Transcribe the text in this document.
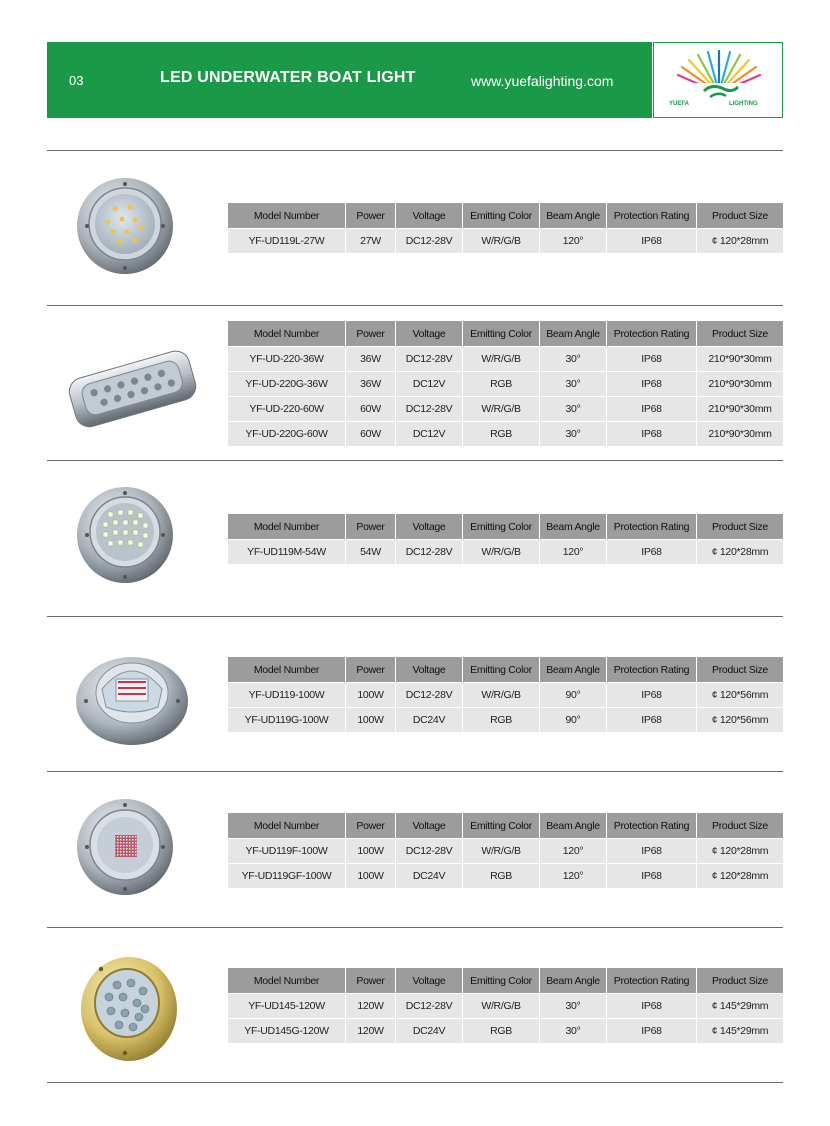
03	LED UNDERWATER BOAT LIGHT	www.yuefalighting.com
YUEFA	LIGHTING
Model Number	Power	Voltage	Emitting Color	Beam Angle	Protection Rating	Product Size
YF-UD119L-27W	27W	DC12-28V	W/R/G/B	120°	IP68	¢ 120*28mm
Model Number	Power	Voltage	Emitting Color	Beam Angle	Protection Rating	Product Size
YF-UD-220-36W	36W	DC12-28V	W/R/G/B	30°	IP68	210*90*30mm
YF-UD-220G-36W	36W	DC12V	RGB	30°	IP68	210*90*30mm
YF-UD-220-60W	60W	DC12-28V	W/R/G/B	30°	IP68	210*90*30mm
YF-UD-220G-60W	60W	DC12V	RGB	30°	IP68	210*90*30mm
Model Number	Power	Voltage	Emitting Color	Beam Angle	Protection Rating	Product Size
YF-UD119M-54W	54W	DC12-28V	W/R/G/B	120°	IP68	¢ 120*28mm
Model Number	Power	Voltage	Emitting Color	Beam Angle	Protection Rating	Product Size
YF-UD119-100W	100W	DC12-28V	W/R/G/B	90°	IP68	¢ 120*56mm
YF-UD119G-100W	100W	DC24V	RGB	90°	IP68	¢ 120*56mm
Model Number	Power	Voltage	Emitting Color	Beam Angle	Protection Rating	Product Size
YF-UD119F-100W	100W	DC12-28V	W/R/G/B	120°	IP68	¢ 120*28mm
YF-UD119GF-100W	100W	DC24V	RGB	120°	IP68	¢ 120*28mm
Model Number	Power	Voltage	Emitting Color	Beam Angle	Protection Rating	Product Size
YF-UD145-120W	120W	DC12-28V	W/R/G/B	30°	IP68	¢ 145*29mm
YF-UD145G-120W	120W	DC24V	RGB	30°	IP68	¢ 145*29mm
